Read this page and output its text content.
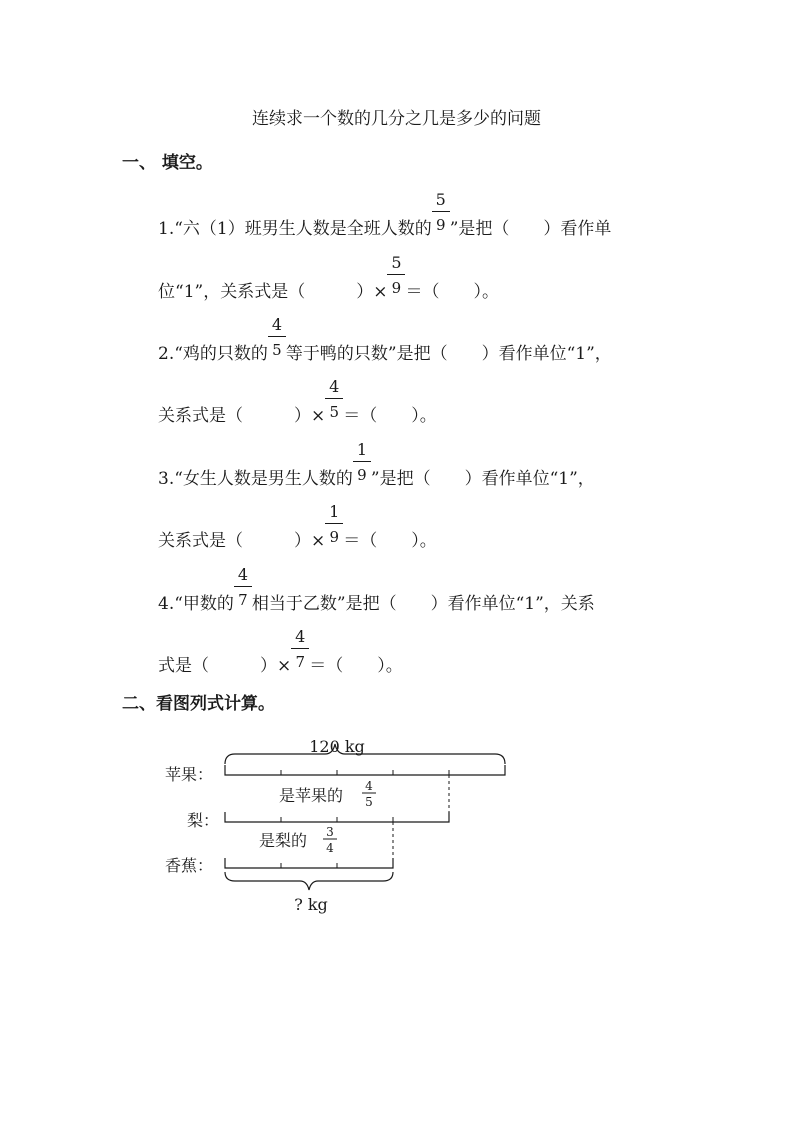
连续求一个数的几分之几是多少的问题
一、 填空。
1.“六（1）班男生人数是全班人数的 $\frac{5}{9}$ ”是把（　　）看作单
位“1”，关系式是（　　　）× $\frac{5}{9}$ ＝（　　）。
2.“鸡的只数的 $\frac{4}{5}$ 等于鸭的只数”是把（　　）看作单位“1”，
关系式是（　　　）× $\frac{4}{5}$ ＝（　　）。
3.“女生人数是男生人数的 $\frac{1}{9}$ ”是把（　　）看作单位“1”，
关系式是（　　　）× $\frac{1}{9}$ ＝（　　）。
4.“甲数的 $\frac{4}{7}$ 相当于乙数”是把（　　）看作单位“1”，关系
式是（　　　）× $\frac{4}{7}$ ＝（　　）。
二、看图列式计算。
120 kg
苹果：
是苹果的 4
5
梨：
是梨的 3
4
香蕉：
? kg
